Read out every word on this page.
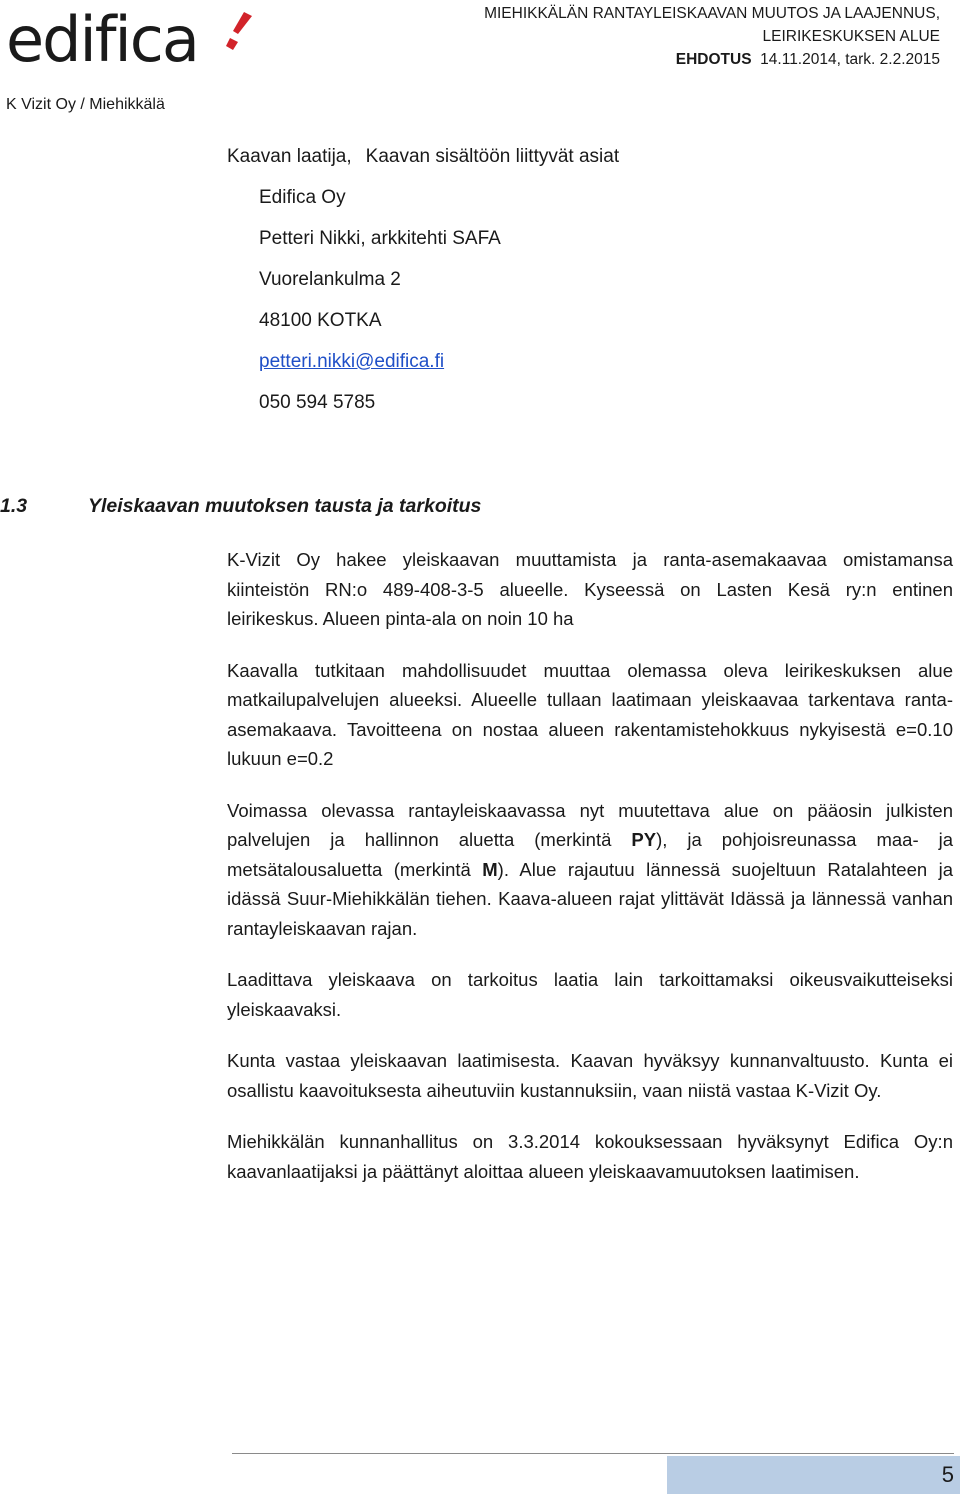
edifica	MIEHIKKÄLÄN RANTAYLEISKAAVAN MUUTOS JA LAAJENNUS,
LEIRIKESKUKSEN ALUE
EHDOTUS 14.11.2014, tark. 2.2.2015
K Vizit Oy / Miehikkälä
Kaavan laatija, Kaavan sisältöön liittyvät asiat
Edifica Oy
Petteri Nikki, arkkitehti SAFA
Vuorelankulma 2
48100 KOTKA
petteri.nikki@edifica.fi
050 594 5785
1.3	Yleiskaavan muutoksen tausta ja tarkoitus

K-Vizit Oy hakee yleiskaavan muuttamista ja ranta-asemakaavaa omistamansa kiinteistön RN:o 489-408-3-5 alueelle. Kyseessä on Lasten Kesä ry:n entinen leirikeskus. Alueen pinta-ala on noin 10 ha

Kaavalla tutkitaan mahdollisuudet muuttaa olemassa oleva leirikeskuksen alue matkailupalvelujen alueeksi. Alueelle tullaan laatimaan yleiskaavaa tarkentava ranta-asemakaava. Tavoitteena on nostaa alueen rakentamistehokkuus nykyisestä e=0.10 lukuun e=0.2

Voimassa olevassa rantayleiskaavassa nyt muutettava alue on pääosin julkisten palvelujen ja hallinnon aluetta (merkintä PY), ja pohjoisreunassa maa- ja metsätalousaluetta (merkintä M). Alue rajautuu lännessä suojeltuun Ratalahteen ja idässä Suur-Miehikkälän tiehen. Kaava-alueen rajat ylittävät Idässä ja lännessä vanhan rantayleiskaavan rajan.

Laadittava yleiskaava on tarkoitus laatia lain tarkoittamaksi oikeusvaikutteiseksi yleiskaavaksi.

Kunta vastaa yleiskaavan laatimisesta. Kaavan hyväksyy kunnanvaltuusto. Kunta ei osallistu kaavoituksesta aiheutuviin kustannuksiin, vaan niistä vastaa K-Vizit Oy.

Miehikkälän kunnanhallitus on 3.3.2014 kokouksessaan hyväksynyt Edifica Oy:n kaavanlaatijaksi ja päättänyt aloittaa alueen yleiskaavamuutoksen laatimisen.

5
